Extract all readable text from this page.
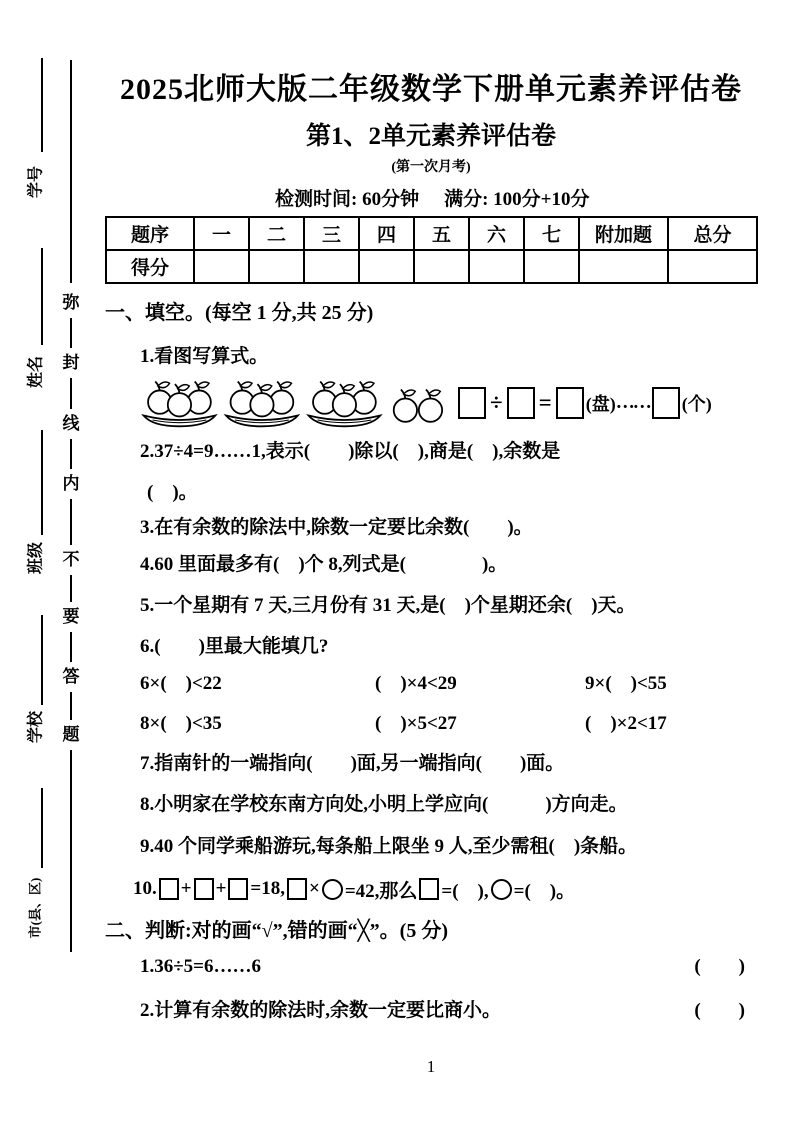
学号
姓名
班级
学校
市(县、区)
弥
封
线
内
不
要
答
题
2025北师大版二年级数学下册单元素养评估卷
第1、2单元素养评估卷
(第一次月考)
检测时间: 60分钟 满分: 100分+10分
题序	一	二	三	四	五	六	七	附加题	总分
得分									
一、填空。(每空 1 分,共 25 分)
1.看图写算式。
÷ = (盘) …… (个)
2.37÷4=9……1,表示(　　)除以(　),商是(　),余数是
(　)。
3.在有余数的除法中,除数一定要比余数(　　)。
4.60 里面最多有(　)个 8,列式是(　　　　)。
5.一个星期有 7 天,三月份有 31 天,是(　)个星期还余(　)天。
6.(　　)里最大能填几?
6×(　)<22	(　)×4<29	9×(　)<55
8×(　)<35	(　)×5<27	(　)×2<17
7.指南针的一端指向(　　)面,另一端指向(　　)面。
8.小明家在学校东南方向处,小明上学应向(　　　)方向走。
9.40 个同学乘船游玩,每条船上限坐 9 人,至少需租(　)条船。
10. + + =18, × =42,那么 =(　), =(　)。
二、判断:对的画“√”,错的画“╳”。(5 分)
1.36÷5=6……6	(　　)
2.计算有余数的除法时,余数一定要比商小。	(　　)
1
